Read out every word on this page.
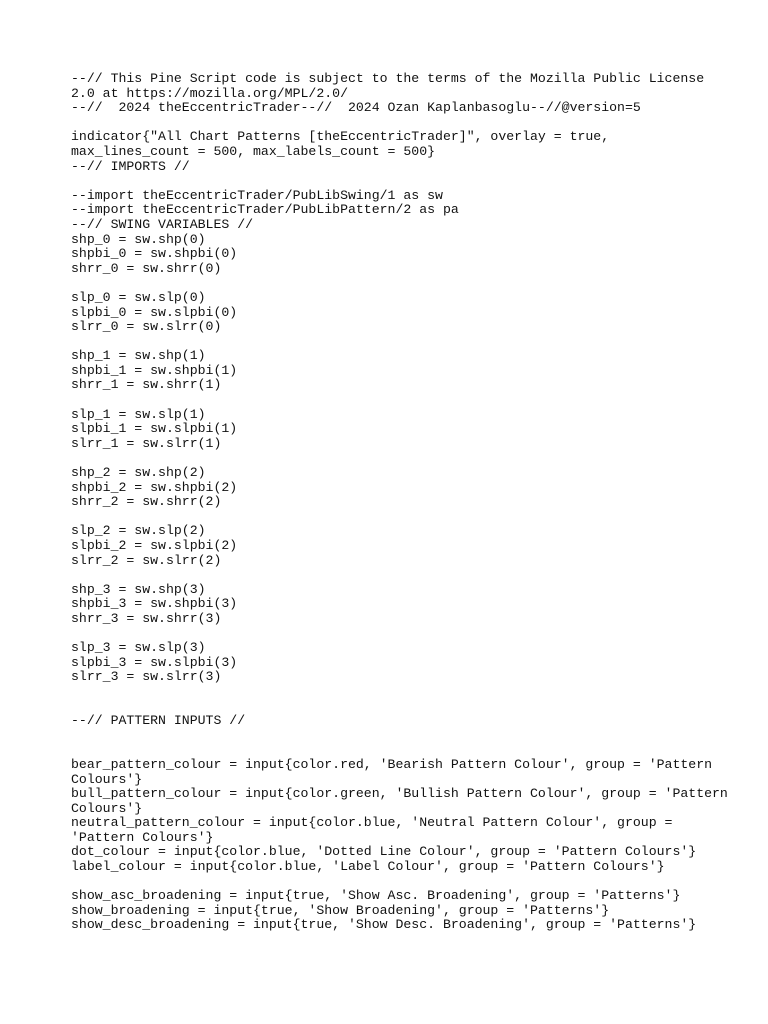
--// This Pine Script code is subject to the terms of the Mozilla Public License
2.0 at https://mozilla.org/MPL/2.0/
--//  2024 theEccentricTrader--//  2024 Ozan Kaplanbasoglu--//@version=5
indicator{"All Chart Patterns [theEccentricTrader]", overlay = true,
max_lines_count = 500, max_labels_count = 500}
--// IMPORTS //
--import theEccentricTrader/PubLibSwing/1 as sw
--import theEccentricTrader/PubLibPattern/2 as pa
--// SWING VARIABLES //
shp_0 = sw.shp(0)
shpbi_0 = sw.shpbi(0)
shrr_0 = sw.shrr(0)
slp_0 = sw.slp(0)
slpbi_0 = sw.slpbi(0)
slrr_0 = sw.slrr(0)
shp_1 = sw.shp(1)
shpbi_1 = sw.shpbi(1)
shrr_1 = sw.shrr(1)
slp_1 = sw.slp(1)
slpbi_1 = sw.slpbi(1)
slrr_1 = sw.slrr(1)
shp_2 = sw.shp(2)
shpbi_2 = sw.shpbi(2)
shrr_2 = sw.shrr(2)
slp_2 = sw.slp(2)
slpbi_2 = sw.slpbi(2)
slrr_2 = sw.slrr(2)
shp_3 = sw.shp(3)
shpbi_3 = sw.shpbi(3)
shrr_3 = sw.shrr(3)
slp_3 = sw.slp(3)
slpbi_3 = sw.slpbi(3)
slrr_3 = sw.slrr(3)
--// PATTERN INPUTS //
bear_pattern_colour = input{color.red, 'Bearish Pattern Colour', group = 'Pattern
Colours'}
bull_pattern_colour = input{color.green, 'Bullish Pattern Colour', group = 'Pattern
Colours'}
neutral_pattern_colour = input{color.blue, 'Neutral Pattern Colour', group =
'Pattern Colours'}
dot_colour = input{color.blue, 'Dotted Line Colour', group = 'Pattern Colours'}
label_colour = input{color.blue, 'Label Colour', group = 'Pattern Colours'}
show_asc_broadening = input{true, 'Show Asc. Broadening', group = 'Patterns'}
show_broadening = input{true, 'Show Broadening', group = 'Patterns'}
show_desc_broadening = input{true, 'Show Desc. Broadening', group = 'Patterns'}
